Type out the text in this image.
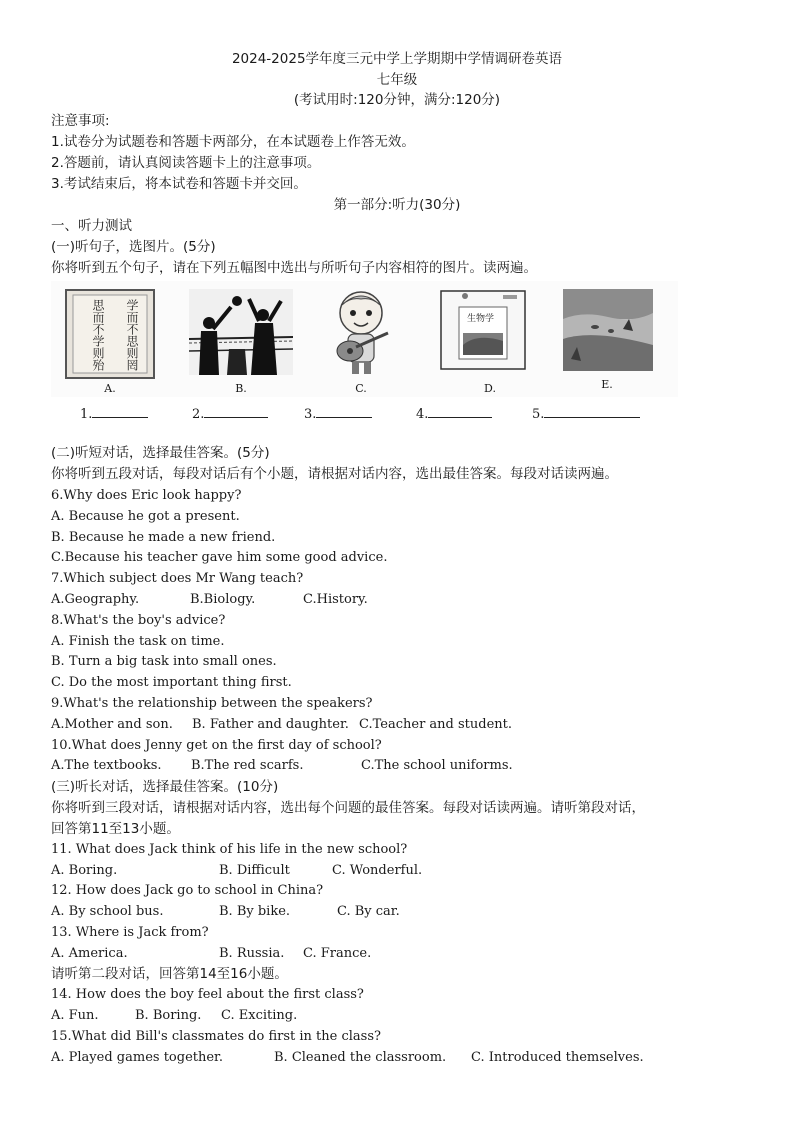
2024-2025学年度三元中学上学期期中学情调研卷英语
七年级
(考试用时:120分钟，满分:120分)
注意事项:
1.试卷分为试题卷和答题卡两部分，在本试题卷上作答无效。
2.答题前，请认真阅读答题卡上的注意事项。
3.考试结束后，将本试卷和答题卡并交回。
第一部分:听力(30分)
一、听力测试
(一)听句子，选图片。(5分)
你将听到五个句子，请在下列五幅图中选出与所听句子内容相符的图片。读两遍。
思而不学则殆	学而不思则罔
A.	B.	C.
生物学
D.	E.
1.	2.	3.	4.	5.
(二)听短对话，选择最佳答案。(5分)
你将听到五段对话，每段对话后有个小题，请根据对话内容，选出最佳答案。每段对话读两遍。
6.Why does Eric look happy?
A. Because he got a present.
B. Because he made a new friend.
C.Because his teacher gave him some good advice.
7.Which subject does Mr Wang teach?
A.Geography.	B.Biology.	C.History.
8.What's the boy's advice?
A. Finish the task on time.
B. Turn a big task into small ones.
C. Do the most important thing first.
9.What's the relationship between the speakers?
A.Mother and son. B. Father and daughter. C.Teacher and student.
10.What does Jenny get on the first day of school?
A.The textbooks. B.The red scarfs.	C.The school uniforms.
(三)听长对话，选择最佳答案。(10分)
你将听到三段对话，请根据对话内容，选出每个问题的最佳答案。每段对话读两遍。请听第段对话，
回答第11至13小题。
11. What does Jack think of his life in the new school?
A. Boring.	B. Difficult	C. Wonderful.
12. How does Jack go to school in China?
A. By school bus.	B. By bike.	C. By car.
13. Where is Jack from?
A. America.	B. Russia. C. France.
请听第二段对话，回答第14至16小题。
14. How does the boy feel about the first class?
A. Fun.	B. Boring. C. Exciting.
15.What did Bill's classmates do first in the class?
A. Played games together.	B. Cleaned the classroom. C. Introduced themselves.
